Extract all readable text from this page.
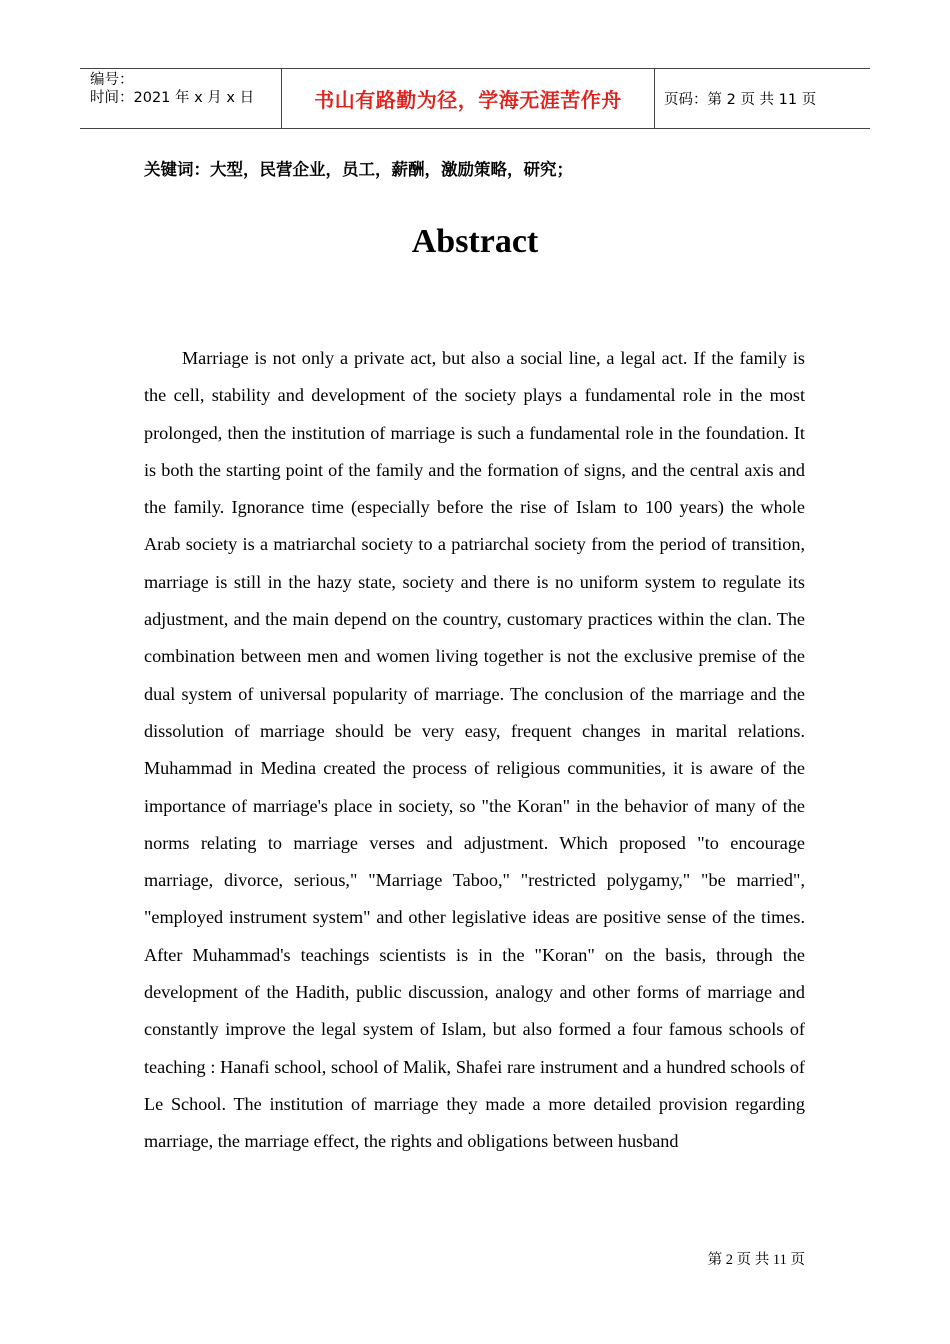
编号：
时间：2021 年 x 月 x 日	书山有路勤为径，学海无涯苦作舟	页码：第 2 页 共 11 页
关键词：大型，民营企业，员工，薪酬，激励策略，研究；
Abstract

Marriage is not only a private act, but also a social line, a legal act. If the family is the cell, stability and development of the society plays a fundamental role in the most prolonged, then the institution of marriage is such a fundamental role in the foundation. It is both the starting point of the family and the formation of signs, and the central axis and the family. Ignorance time (especially before the rise of Islam to 100 years) the whole Arab society is a matriarchal society to a patriarchal society from the period of transition, marriage is still in the hazy state, society and there is no uniform system to regulate its adjustment, and the main depend on the country, customary practices within the clan. The combination between men and women living together is not the exclusive premise of the dual system of universal popularity of marriage. The conclusion of the marriage and the dissolution of marriage should be very easy, frequent changes in marital relations. Muhammad in Medina created the process of religious communities, it is aware of the importance of marriage's place in society, so "the Koran" in the behavior of many of the norms relating to marriage verses and adjustment. Which proposed "to encourage marriage, divorce, serious," "Marriage Taboo," "restricted polygamy," "be married", "employed instrument system" and other legislative ideas are positive sense of the times. After Muhammad's teachings scientists is in the "Koran" on the basis, through the development of the Hadith, public discussion, analogy and other forms of marriage and constantly improve the legal system of Islam, but also formed a four famous schools of teaching : Hanafi school, school of Malik, Shafei rare instrument and a hundred schools of Le School. The institution of marriage they made a more detailed provision regarding marriage, the marriage effect, the rights and obligations between husband

第 2 页 共 11 页
